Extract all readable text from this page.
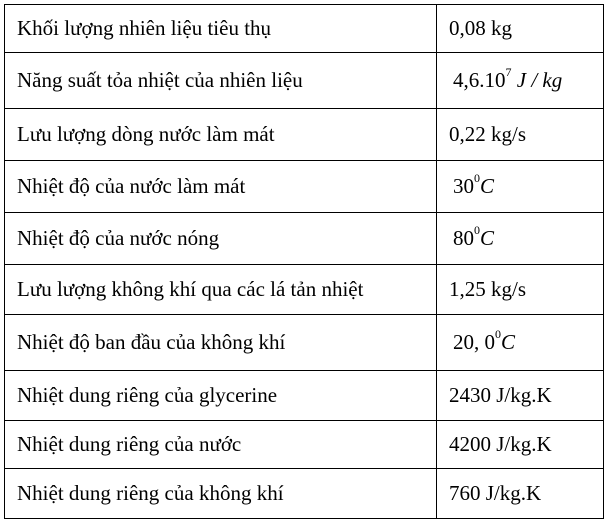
Khối lượng nhiên liệu tiêu thụ	0,08 kg
Năng suất tỏa nhiệt của nhiên liệu	4,6.10$^7$ J / kg
Lưu lượng dòng nước làm mát	0,22 kg/s
Nhiệt độ của nước làm mát	$30^0C$
Nhiệt độ của nước nóng	$80^0C$
Lưu lượng không khí qua các lá tản nhiệt	1,25 kg/s
Nhiệt độ ban đầu của không khí	20, $0^0C$
Nhiệt dung riêng của glycerine	2430 J/kg.K
Nhiệt dung riêng của nước	4200 J/kg.K
Nhiệt dung riêng của không khí	760 J/kg.K
